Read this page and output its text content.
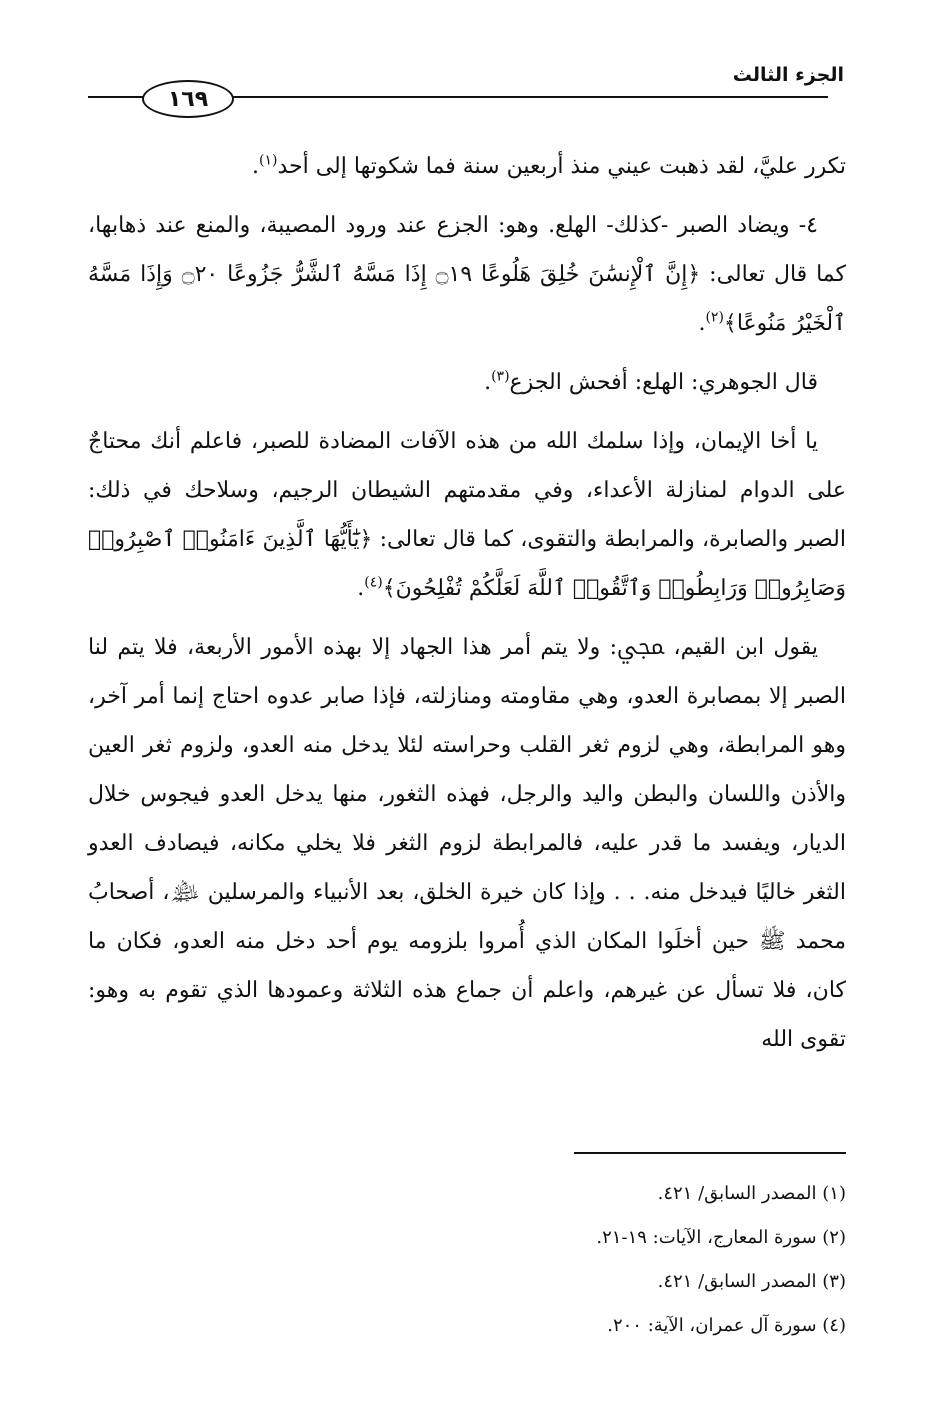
الجزء الثالث
١٦٩

تكرر عليَّ، لقد ذهبت عيني منذ أربعين سنة فما شكوتها إلى أحد$^{(١)}$.

٤- ويضاد الصبر -كذلك- الهلع. وهو: الجزع عند ورود المصيبة، والمنع عند ذهابها، كما قال تعالى: ﴿إِنَّ ٱلْإِنسَٰنَ خُلِقَ هَلُوعًا ۝١٩ إِذَا مَسَّهُ ٱلشَّرُّ جَزُوعًا ۝٢٠ وَإِذَا مَسَّهُ ٱلْخَيْرُ مَنُوعًا﴾$^{(٢)}$.

قال الجوهري: الهلع: أفحش الجزع$^{(٣)}$.

يا أخا الإيمان، وإذا سلمك الله من هذه الآفات المضادة للصبر، فاعلم أنك محتاجٌ على الدوام لمنازلة الأعداء، وفي مقدمتهم الشيطان الرجيم، وسلاحك في ذلك: الصبر والصابرة، والمرابطة والتقوى، كما قال تعالى: ﴿يَٰٓأَيُّهَا ٱلَّذِينَ ءَامَنُوا۟ ٱصْبِرُوا۟ وَصَابِرُوا۟ وَرَابِطُوا۟ وَٱتَّقُوا۟ ٱللَّهَ لَعَلَّكُمْ تُفْلِحُونَ﴾$^{(٤)}$.

يقول ابن القيم، ﷀ: ولا يتم أمر هذا الجهاد إلا بهذه الأمور الأربعة، فلا يتم لنا الصبر إلا بمصابرة العدو، وهي مقاومته ومنازلته، فإذا صابر عدوه احتاج إنما أمر آخر، وهو المرابطة، وهي لزوم ثغر القلب وحراسته لئلا يدخل منه العدو، ولزوم ثغر العين والأذن واللسان والبطن واليد والرجل، فهذه الثغور، منها يدخل العدو فيجوس خلال الديار، ويفسد ما قدر عليه، فالمرابطة لزوم الثغر فلا يخلي مكانه، فيصادف العدو الثغر خاليًا فيدخل منه. . . وإذا كان خيرة الخلق، بعد الأنبياء والمرسلين ﵈، أصحابُ محمد ﷺ حين أخلَوا المكان الذي أُمروا بلزومه يوم أحد دخل منه العدو، فكان ما كان، فلا تسأل عن غيرهم، واعلم أن جماع هذه الثلاثة وعمودها الذي تقوم به وهو: تقوى الله

(١) المصدر السابق/ ٤٢١.
(٢) سورة المعارج، الآيات: ١٩-٢١.
(٣) المصدر السابق/ ٤٢١.
(٤) سورة آل عمران، الآية: ٢٠٠.
